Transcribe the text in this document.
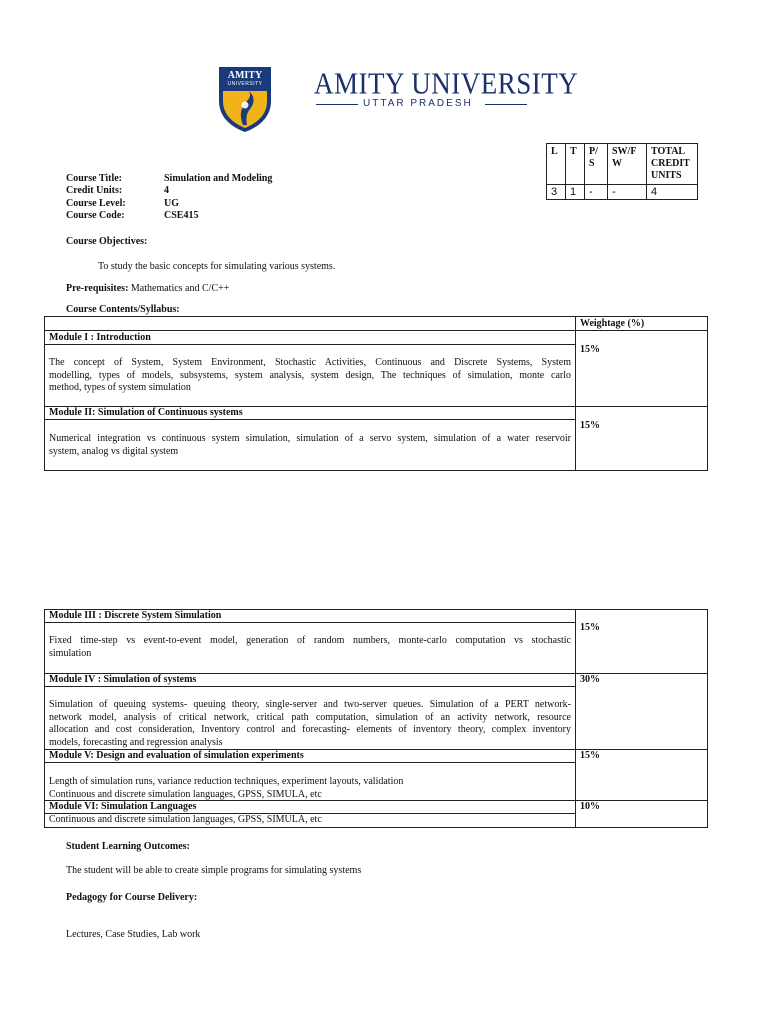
AMITY
UNIVERSITY AMITY UNIVERSITY
UTTAR PRADESH
L	T	P/ S	SW/F W	TOTAL CREDIT UNITS
3	1	-	-	4
Course Title:	Simulation and Modeling
Credit Units:	4
Course Level:	UG
Course Code:	CSE415
Course Objectives:
To study the basic concepts for simulating various systems.
Pre-requisites: Mathematics and C/C++
Course Contents/Syllabus:
Weightage (%)
Module I : Introduction
The concept of System, System Environment, Stochastic Activities, Continuous and Discrete Systems, System
modelling, types of models, subsystems, system analysis, system design, The techniques of simulation, monte carlo
method, types of system simulation
15%
Module II: Simulation of Continuous systems
Numerical integration vs continuous system simulation, simulation of a servo system, simulation of a water reservoir
system, analog vs digital system
15%
Module III : Discrete System Simulation
Fixed time-step vs event-to-event model, generation of random numbers, monte-carlo computation vs stochastic
simulation
15%
Module IV : Simulation of systems
Simulation of queuing systems- queuing theory, single-server and two-server queues. Simulation of a PERT network-
network model, analysis of critical network, critical path computation, simulation of an activity network, resource
allocation and cost consideration, Inventory control and forecasting- elements of inventory theory, complex inventory
models, forecasting and regression analysis
30%
Module V: Design and evaluation of simulation experiments
Length of simulation runs, variance reduction techniques, experiment layouts, validation
Continuous and discrete simulation languages, GPSS, SIMULA, etc
15%
Module VI: Simulation Languages
Continuous and discrete simulation languages, GPSS, SIMULA, etc
10%
Student Learning Outcomes:
The student will be able to create simple programs for simulating systems
Pedagogy for Course Delivery:
Lectures, Case Studies, Lab work
